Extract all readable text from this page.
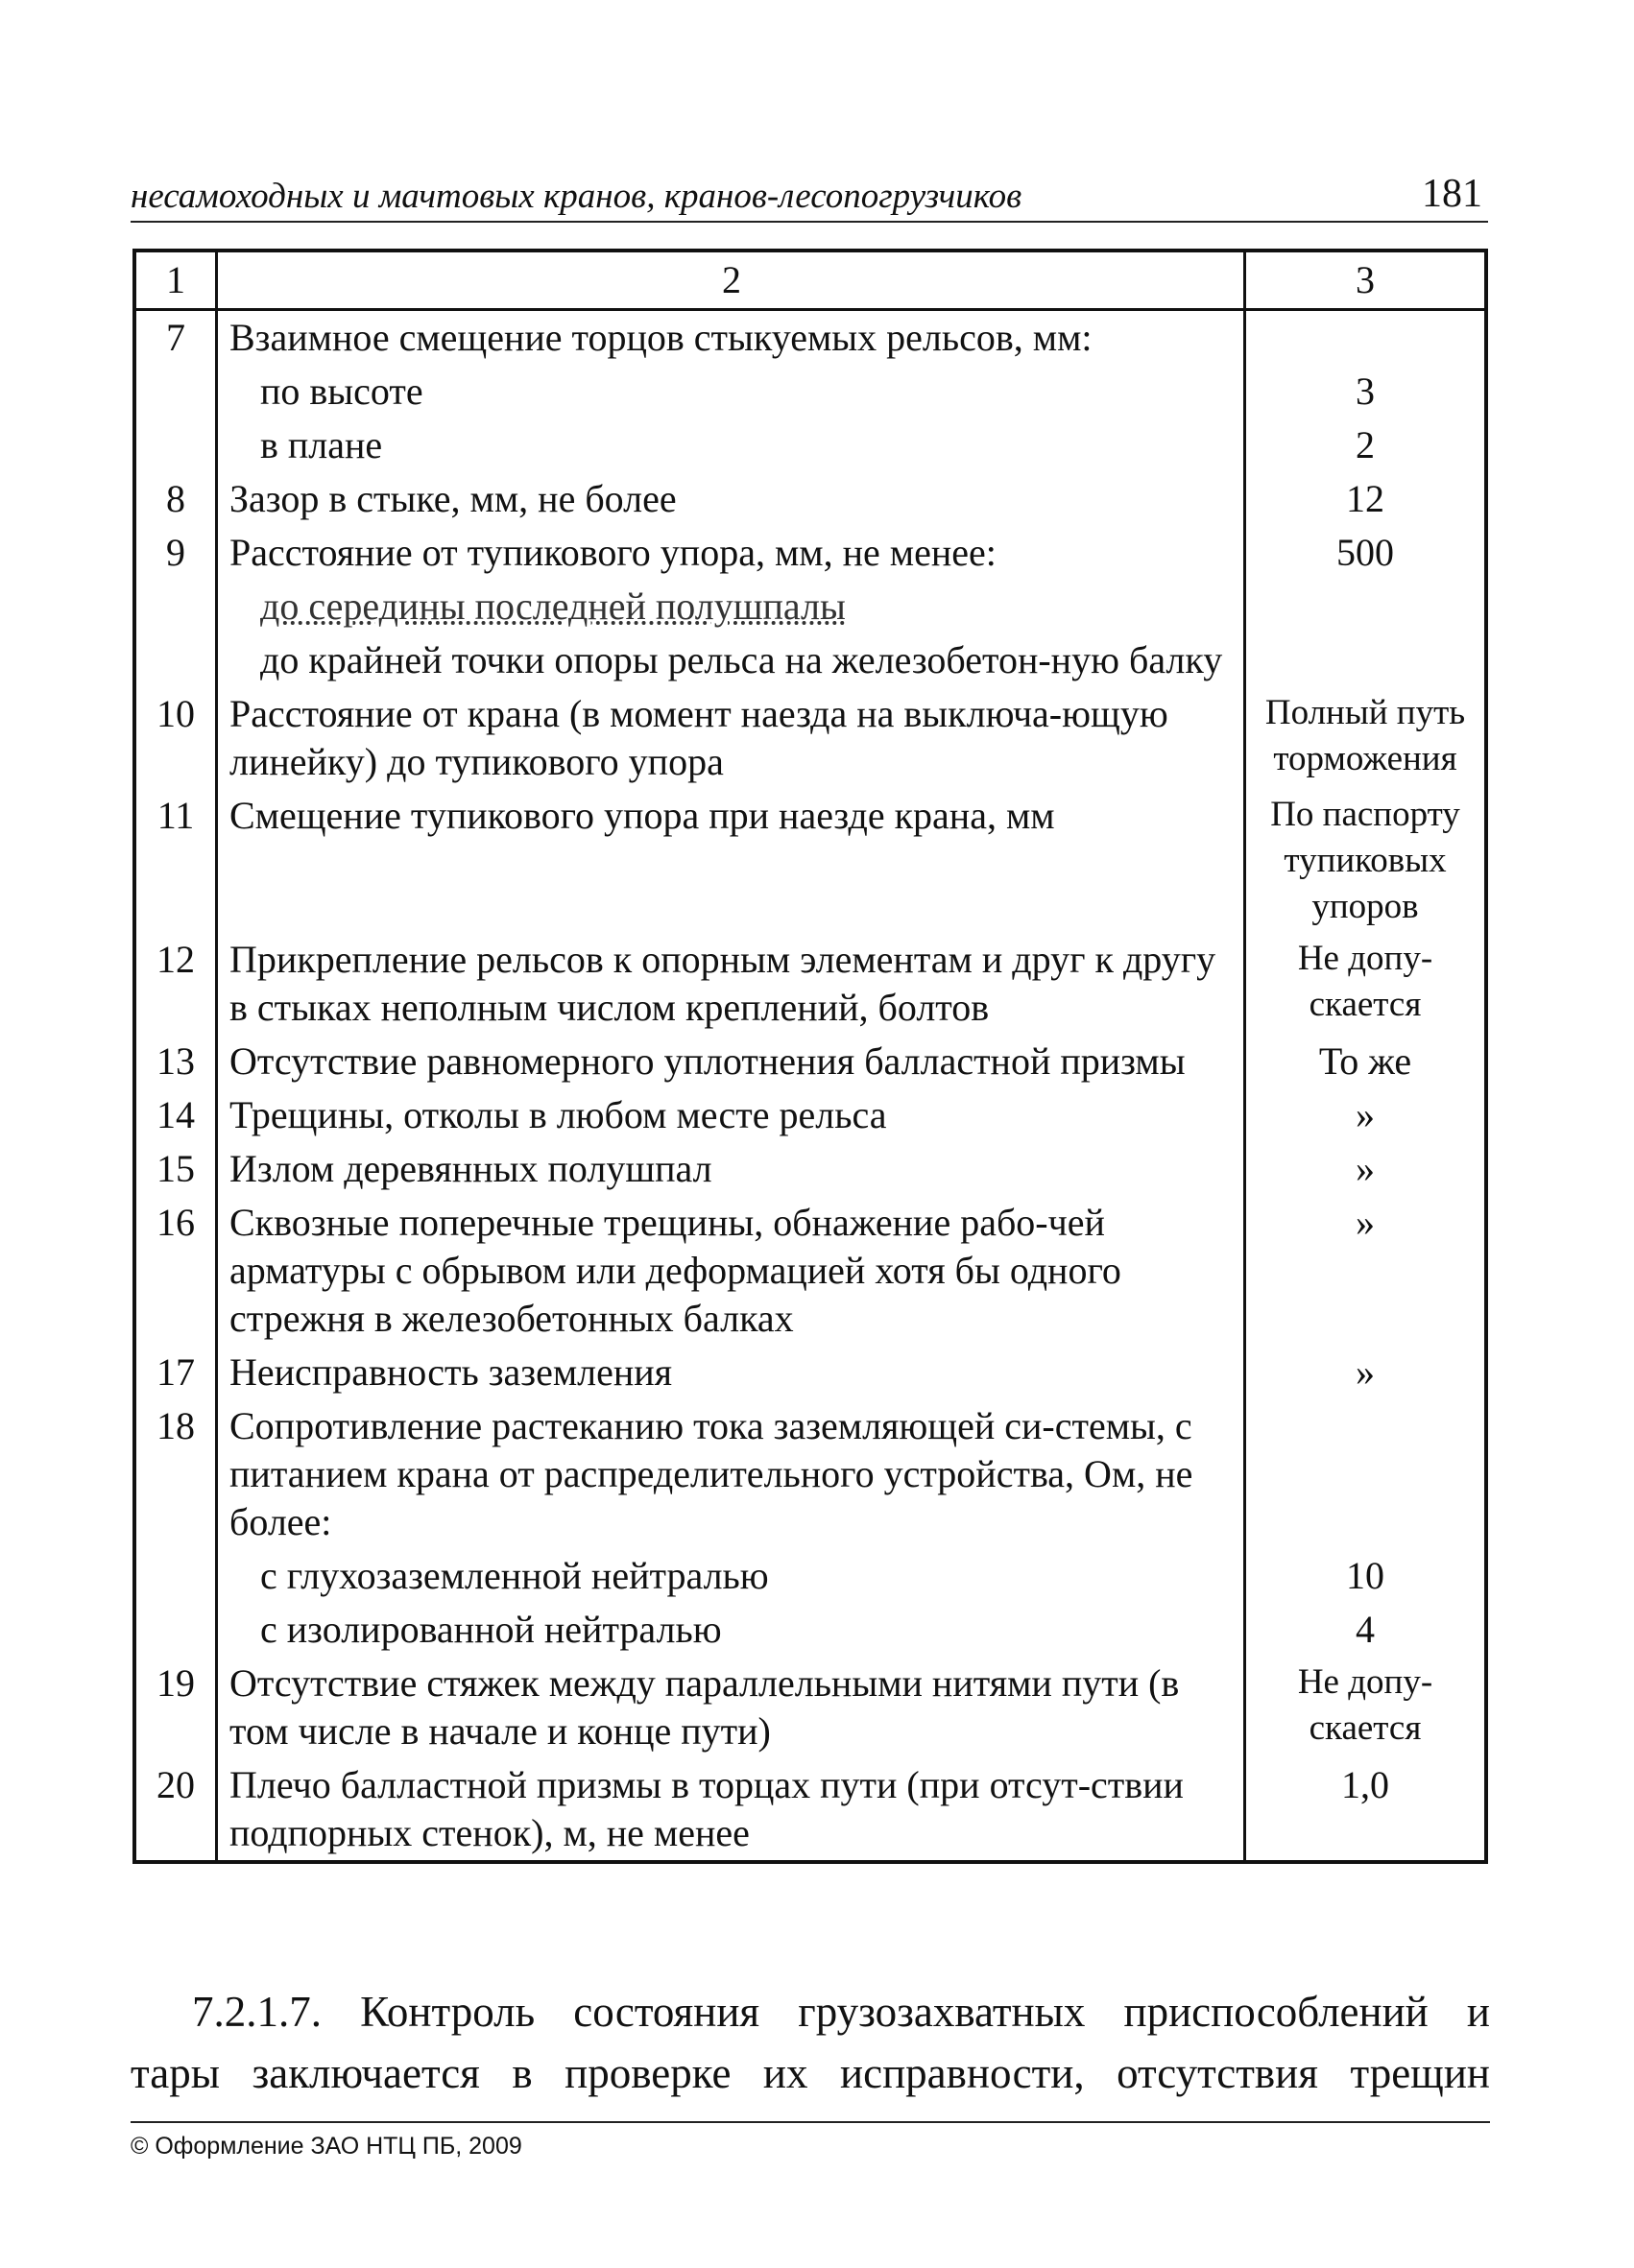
несамоходных и мачтовых кранов, кранов-лесопогрузчиков	181
1	2	3
7	Взаимное смещение торцов стыкуемых рельсов, мм:	
	по высоте	3
	в плане	2
8	Зазор в стыке, мм, не более	12
9	Расстояние от тупикового упора, мм, не менее:	500
	до середины последней полушпалы	
	до крайней точки опоры рельса на железобетон-ную балку	
10	Расстояние от крана (в момент наезда на выключа-ющую линейку) до тупикового упора	Полный путь торможения
11	Смещение тупикового упора при наезде крана, мм	По паспорту тупиковых упоров
12	Прикрепление рельсов к опорным элементам и друг к другу в стыках неполным числом креплений, болтов	Не допу-скается
13	Отсутствие равномерного уплотнения балластной призмы	То же
14	Трещины, отколы в любом месте рельса	»
15	Излом деревянных полушпал	»
16	Сквозные поперечные трещины, обнажение рабо-чей арматуры с обрывом или деформацией хотя бы одного стрежня в железобетонных балках	»
17	Неисправность заземления	»
18	Сопротивление растеканию тока заземляющей си-стемы, с питанием крана от распределительного устройства, Ом, не более:	
	с глухозаземленной нейтралью	10
	с изолированной нейтралью	4
19	Отсутствие стяжек между параллельными нитями пути (в том числе в начале и конце пути)	Не допу-скается
20	Плечо балластной призмы в торцах пути (при отсут-ствии подпорных стенок), м, не менее	1,0
7.2.1.7. Контроль состояния грузозахватных приспособлений и
тары заключается в проверке их исправности, отсутствия трещин
© Оформление ЗАО НТЦ ПБ, 2009
